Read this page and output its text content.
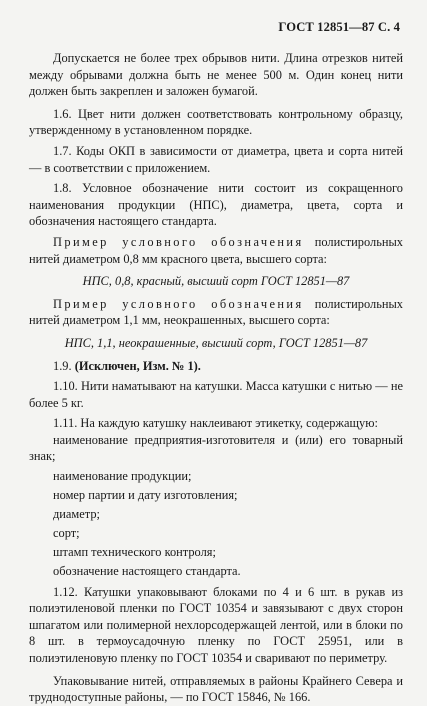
ГОСТ 12851—87 С. 4

Допускается не более трех обрывов нити. Длина отрезков нитей между обрывами должна быть не менее 500 м. Один конец нити должен быть закреплен и заложен бумагой.

1.6. Цвет нити должен соответствовать контрольному образцу, утвержденному в установленном порядке.

1.7. Коды ОКП в зависимости от диаметра, цвета и сорта нитей — в соответствии с приложением.

1.8. Условное обозначение нити состоит из сокращенного наименования продукции (НПС), диаметра, цвета, сорта и обозначения настоящего стандарта.

Пример условного обозначения полистирольных нитей диаметром 0,8 мм красного цвета, высшего сорта:

НПС, 0,8, красный, высший сорт ГОСТ 12851—87

Пример условного обозначения полистирольных нитей диаметром 1,1 мм, неокрашенных, высшего сорта:

НПС, 1,1, неокрашенные, высший сорт, ГОСТ 12851—87

1.9. (Исключен, Изм. № 1).

1.10. Нити наматывают на катушки. Масса катушки с нитью — не более 5 кг.

1.11. На каждую катушку наклеивают этикетку, содержащую:

наименование предприятия-изготовителя и (или) его товарный знак;
наименование продукции;
номер партии и дату изготовления;
диаметр;
сорт;
штамп технического контроля;
обозначение настоящего стандарта.

1.12. Катушки упаковывают блоками по 4 и 6 шт. в рукав из полиэтиленовой пленки по ГОСТ 10354 и завязывают с двух сторон шпагатом или полимерной нехлорсодержащей лентой, или в блоки по 8 шт. в термоусадочную пленку по ГОСТ 25951, или в полиэтиленовую пленку по ГОСТ 10354 и сваривают по периметру.

Упаковывание нитей, отправляемых в районы Крайнего Севера и труднодоступные районы, — по ГОСТ 15846, № 166.
